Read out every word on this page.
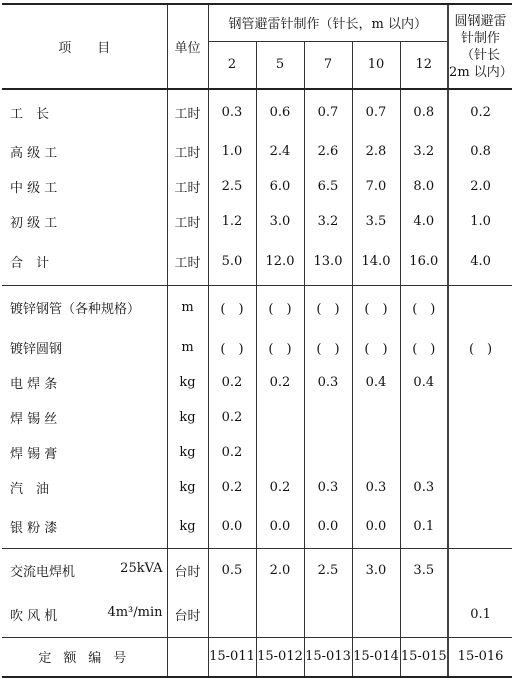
项　　目	单位	钢管避雷针制作（针长，m 以内）					圆钢避雷针制作（针长 2m 以内）
		2	5	7	10	12	
工　长	工时	0.3	0.6	0.7	0.7	0.8	0.2
高 级 工	工时	1.0	2.4	2.6	2.8	3.2	0.8
中 级 工	工时	2.5	6.0	6.5	7.0	8.0	2.0
初 级 工	工时	1.2	3.0	3.2	3.5	4.0	1.0
合　计	工时	5.0	12.0	13.0	14.0	16.0	4.0
镀锌钢管（各种规格）	m	(　)	(　)	(　)	(　)	(　)	
镀锌圆钢	m	(　)	(　)	(　)	(　)	(　)	(　)
电 焊 条	kg	0.2	0.2	0.3	0.4	0.4	
焊 锡 丝	kg	0.2					
焊 锡 膏	kg	0.2					
汽　油	kg	0.2	0.2	0.3	0.3	0.3	
银 粉 漆	kg	0.0	0.0	0.0	0.0	0.1	
交流电焊机 25kVA	台时	0.5	2.0	2.5	3.0	3.5	
吹 风 机 4m³/min	台时						0.1
定 额 编 号		15-011	15-012	15-013	15-014	15-015	15-016
